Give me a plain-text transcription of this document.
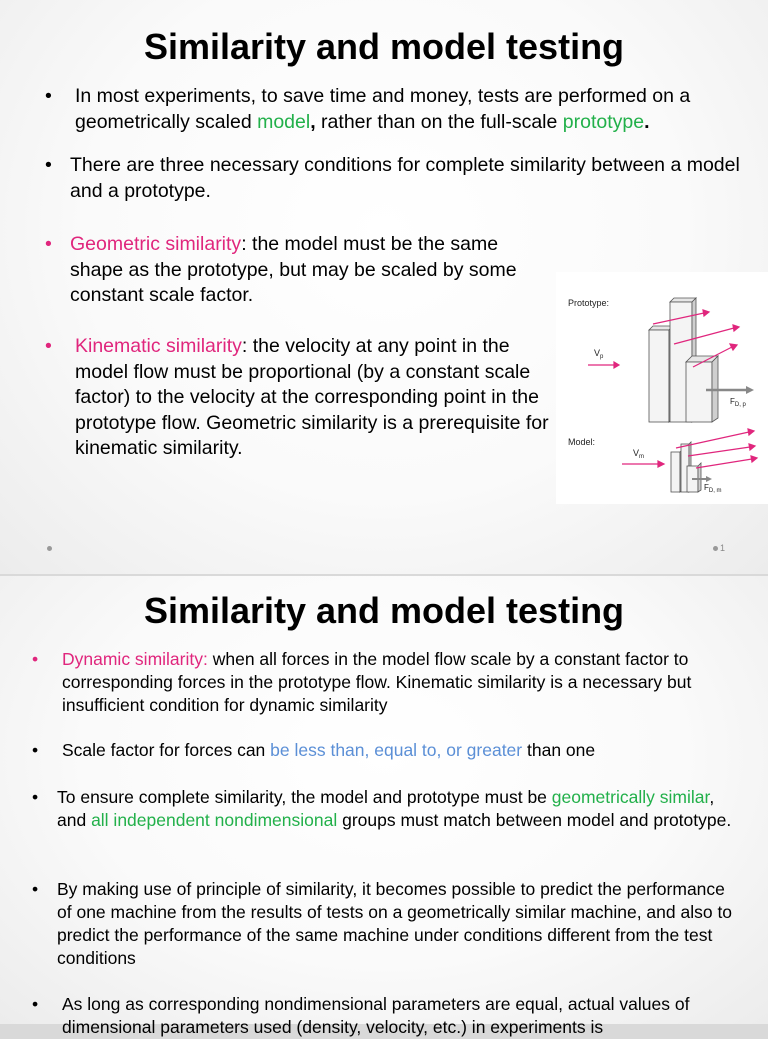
Similarity and model testing
• In most experiments, to save time and money, tests are performed on a geometrically scaled model, rather than on the full-scale prototype.
• There are three necessary conditions for complete similarity between a model and a prototype.
• Geometric similarity: the model must be the same shape as the prototype, but may be scaled by some constant scale factor.
• Kinematic similarity: the velocity at any point in the model flow must be proportional (by a constant scale factor) to the velocity at the corresponding point in the prototype flow. Geometric similarity is a prerequisite for kinematic similarity.
Prototype:
Model:
$V_p$
$F_{D, p}$
$V_m$
$F_{D, m}$
1
Similarity and model testing
• Dynamic similarity: when all forces in the model flow scale by a constant factor to corresponding forces in the prototype flow. Kinematic similarity is a necessary but insufficient condition for dynamic similarity
• Scale factor for forces can be less than, equal to, or greater than one
• To ensure complete similarity, the model and prototype must be geometrically similar, and all independent nondimensional groups must match between model and prototype.
• By making use of principle of similarity, it becomes possible to predict the performance of one machine from the results of tests on a geometrically similar machine, and also to predict the performance of the same machine under conditions different from the test conditions
• As long as corresponding nondimensional parameters are equal, actual values of dimensional parameters used (density, velocity, etc.) in experiments is
